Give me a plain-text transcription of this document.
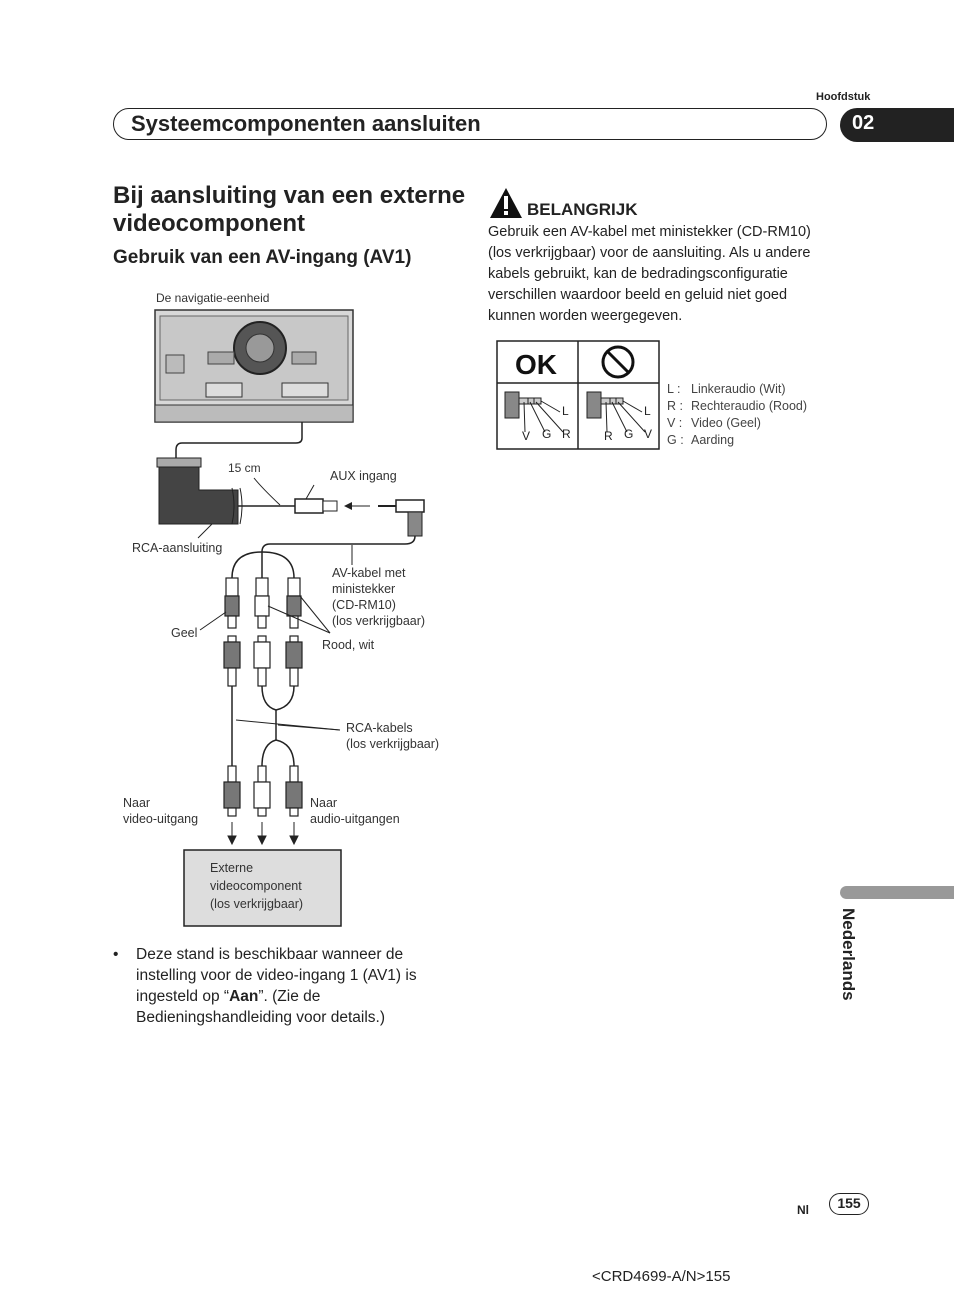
Hoofdstuk
Systeemcomponenten aansluiten	02
Bij aansluiting van een externe videocomponent
Gebruik van een AV-ingang (AV1)
De navigatie-eenheid
15 cm
AUX ingang
RCA-aansluiting
AV-kabel met ministekker (CD-RM10) (los verkrijgbaar)
Geel
Rood, wit
RCA-kabels (los verkrijgbaar)
Naar video-uitgang
Naar audio-uitgangen
Externe videocomponent (los verkrijgbaar)
BELANGRIJK
Gebruik een AV-kabel met ministekker (CD-RM10) (los verkrijgbaar) voor de aansluiting. Als u andere kabels gebruikt, kan de bedradingsconfiguratie verschillen waardoor beeld en geluid niet goed kunnen worden weergegeven.
OK
L
V G R
L
R G V
L : Linkeraudio (Wit)
R : Rechteraudio (Rood)
V : Video (Geel)
G : Aarding
• Deze stand is beschikbaar wanneer de instelling voor de video-ingang 1 (AV1) is ingesteld op “Aan”. (Zie de Bedieningshandleiding voor details.)
Nederlands
Nl	155
<CRD4699-A/N>155
